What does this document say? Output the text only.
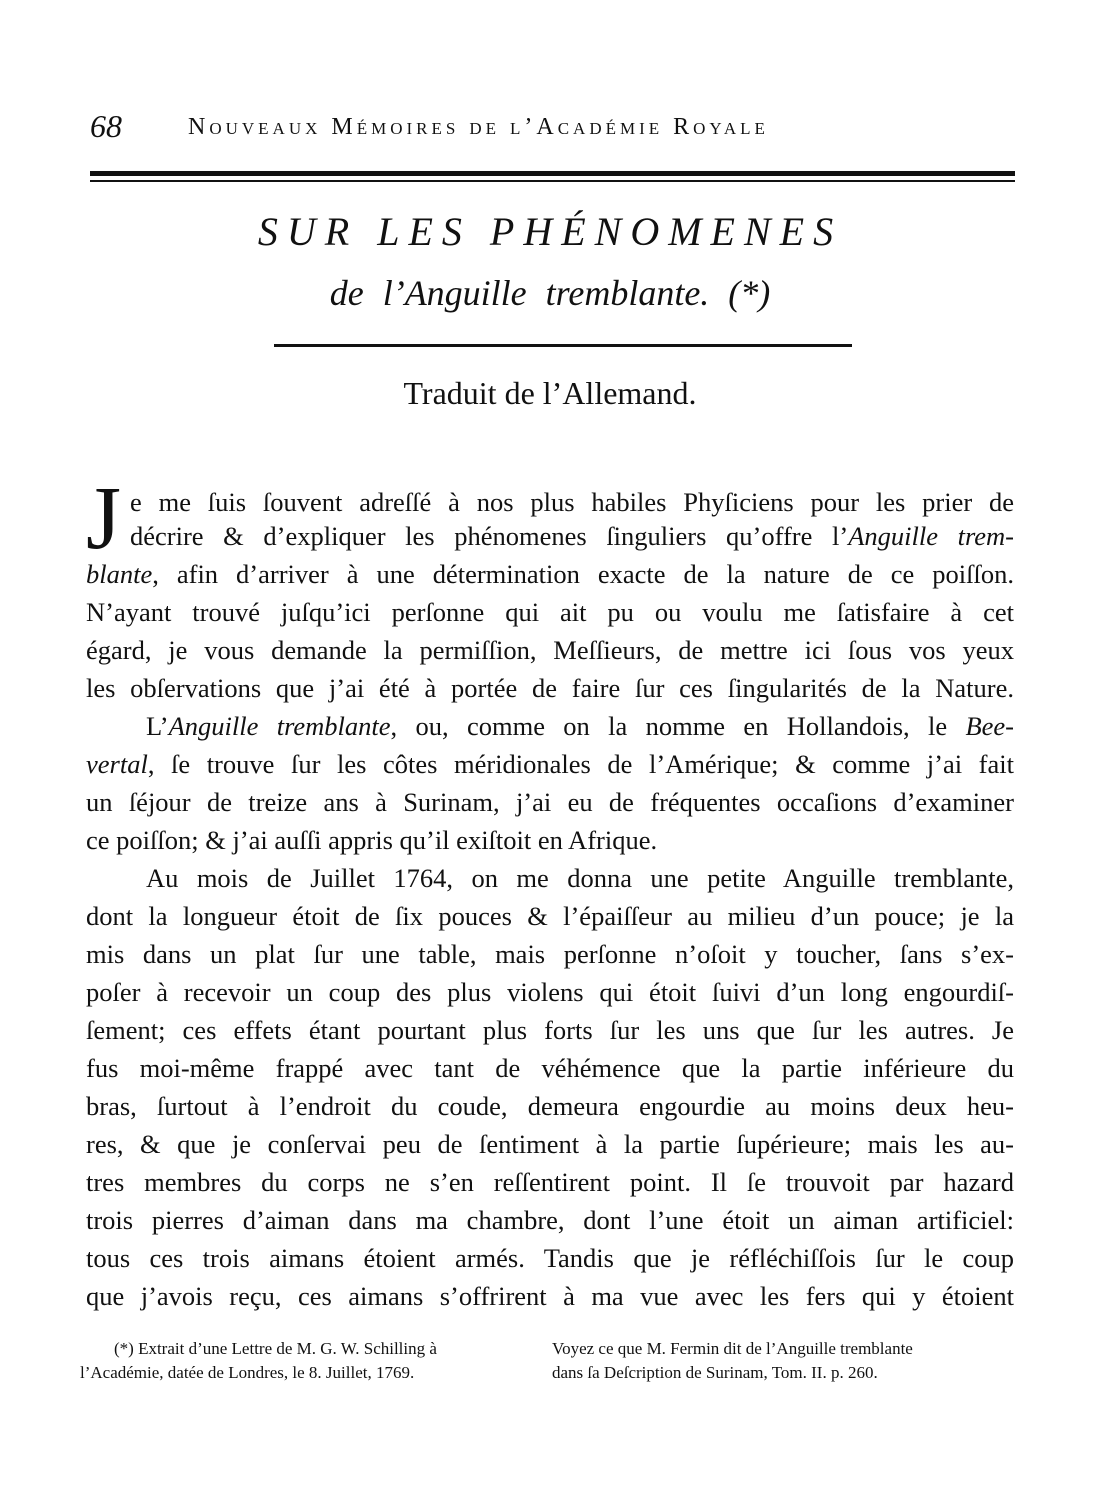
68	Nouveaux Mémoires de l’Académie Royale
SUR LES PHÉNOMENES
de l’Anguille tremblante. (*)
Traduit de l’Allemand.
J e me ſuis ſouvent adreſſé à nos plus habiles Phyſiciens pour les prier de
décrire & d’expliquer les phénomenes ſinguliers qu’offre l’Anguille trem-
blante, afin d’arriver à une détermination exacte de la nature de ce poiſſon.
N’ayant trouvé juſqu’ici perſonne qui ait pu ou voulu me ſatisfaire à cet
égard, je vous demande la permiſſion, Meſſieurs, de mettre ici ſous vos yeux
les obſervations que j’ai été à portée de faire ſur ces ſingularités de la Nature.
L’Anguille tremblante, ou, comme on la nomme en Hollandois, le Bee-
vertal, ſe trouve ſur les côtes méridionales de l’Amérique; & comme j’ai fait
un ſéjour de treize ans à Surinam, j’ai eu de fréquentes occaſions d’examiner
ce poiſſon; & j’ai auſſi appris qu’il exiſtoit en Afrique.
Au mois de Juillet 1764, on me donna une petite Anguille tremblante,
dont la longueur étoit de ſix pouces & l’épaiſſeur au milieu d’un pouce; je la
mis dans un plat ſur une table, mais perſonne n’oſoit y toucher, ſans s’ex-
poſer à recevoir un coup des plus violens qui étoit ſuivi d’un long engourdiſ-
ſement; ces effets étant pourtant plus forts ſur les uns que ſur les autres. Je
fus moi-même frappé avec tant de véhémence que la partie inférieure du
bras, ſurtout à l’endroit du coude, demeura engourdie au moins deux heu-
res, & que je conſervai peu de ſentiment à la partie ſupérieure; mais les au-
tres membres du corps ne s’en reſſentirent point. Il ſe trouvoit par hazard
trois pierres d’aiman dans ma chambre, dont l’une étoit un aiman artificiel:
tous ces trois aimans étoient armés. Tandis que je réfléchiſſois ſur le coup
que j’avois reçu, ces aimans s’offrirent à ma vue avec les fers qui y étoient
(*) Extrait d’une Lettre de M. G. W. Schilling à
l’Académie, datée de Londres, le 8. Juillet, 1769.
Voyez ce que M. Fermin dit de l’Anguille tremblante
dans ſa Deſcription de Surinam, Tom. II. p. 260.
